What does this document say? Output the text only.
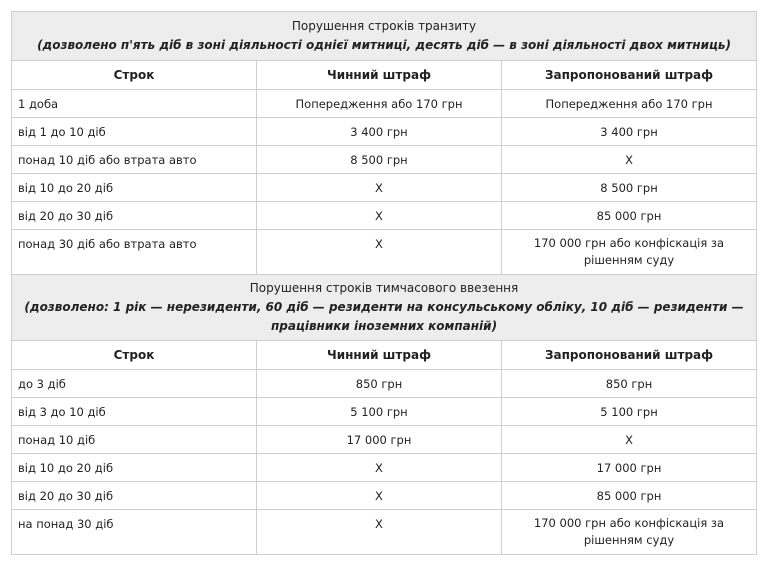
Порушення строків транзиту
(дозволено п'ять діб в зоні діяльності однієї митниці, десять діб — в зоні діяльності двох митниць)		

Строк	Чинний штраф	Запропонований штраф
1 доба	Попередження або 170 грн	Попередження або 170 грн
від 1 до 10 діб	3 400 грн	3 400 грн
понад 10 діб або втрата авто	8 500 грн	Х
від 10 до 20 діб	Х	8 500 грн
від 20 до 30 діб	Х	85 000 грн
понад 30 діб або втрата авто	Х	170 000 грн або конфіскація за рішенням суду

Порушення строків тимчасового ввезення
(дозволено: 1 рік — нерезиденти, 60 діб — резиденти на консульському обліку, 10 діб — резиденти — працівники іноземних компаній)		

Строк	Чинний штраф	Запропонований штраф
до 3 діб	850 грн	850 грн
від 3 до 10 діб	5 100 грн	5 100 грн
понад 10 діб	17 000 грн	Х
від 10 до 20 діб	Х	17 000 грн
від 20 до 30 діб	Х	85 000 грн
на понад 30 діб	Х	170 000 грн або конфіскація за рішенням суду
